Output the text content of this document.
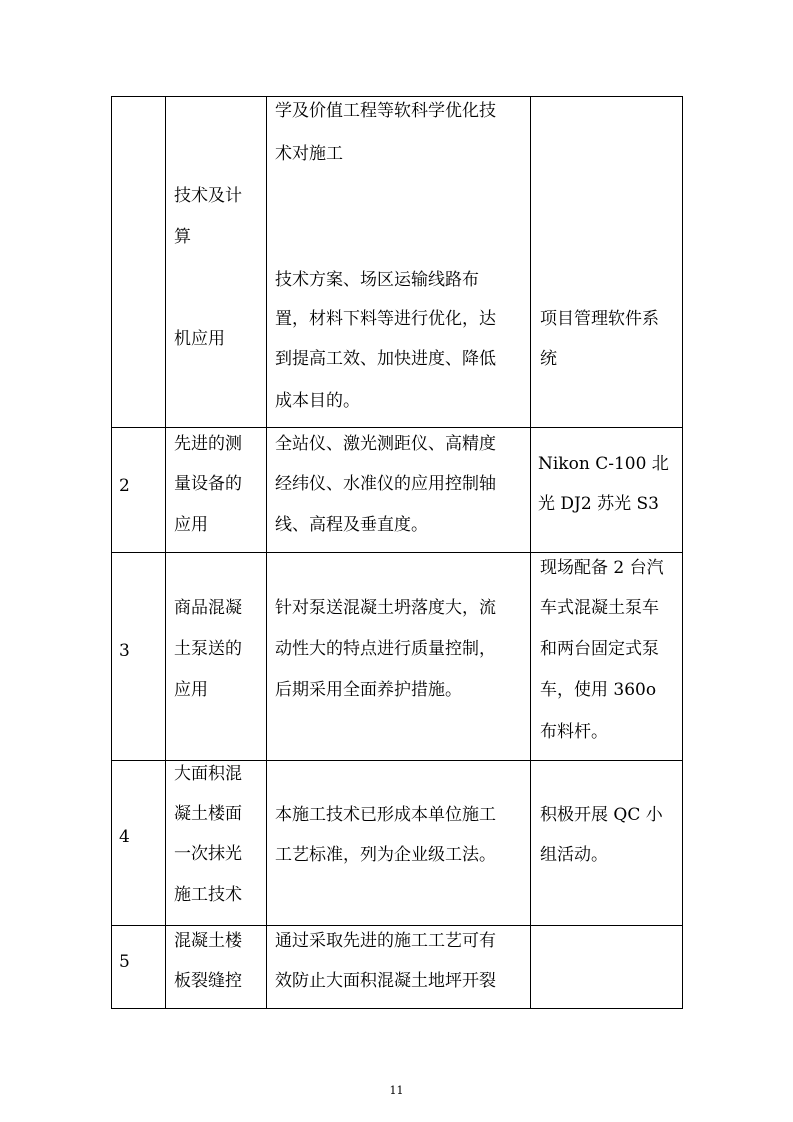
技术及计
算
机应用
学及价值工程等软科学优化技
术对施工
技术方案、场区运输线路布
置，材料下料等进行优化，达
到提高工效、加快进度、降低
成本目的。
项目管理软件系
统
2
先进的测
量设备的
应用
全站仪、激光测距仪、高精度
经纬仪、水准仪的应用控制轴
线、高程及垂直度。
Nikon C-100 北
光 DJ2 苏光 S3
3
商品混凝
土泵送的
应用
针对泵送混凝土坍落度大，流
动性大的特点进行质量控制，
后期采用全面养护措施。
现场配备 2 台汽
车式混凝土泵车
和两台固定式泵
车，使用 360o
布料杆。
4
大面积混
凝土楼面
一次抹光
施工技术
本施工技术已形成本单位施工
工艺标准，列为企业级工法。
积极开展 QC 小
组活动。
5
混凝土楼
板裂缝控
通过采取先进的施工工艺可有
效防止大面积混凝土地坪开裂
11
